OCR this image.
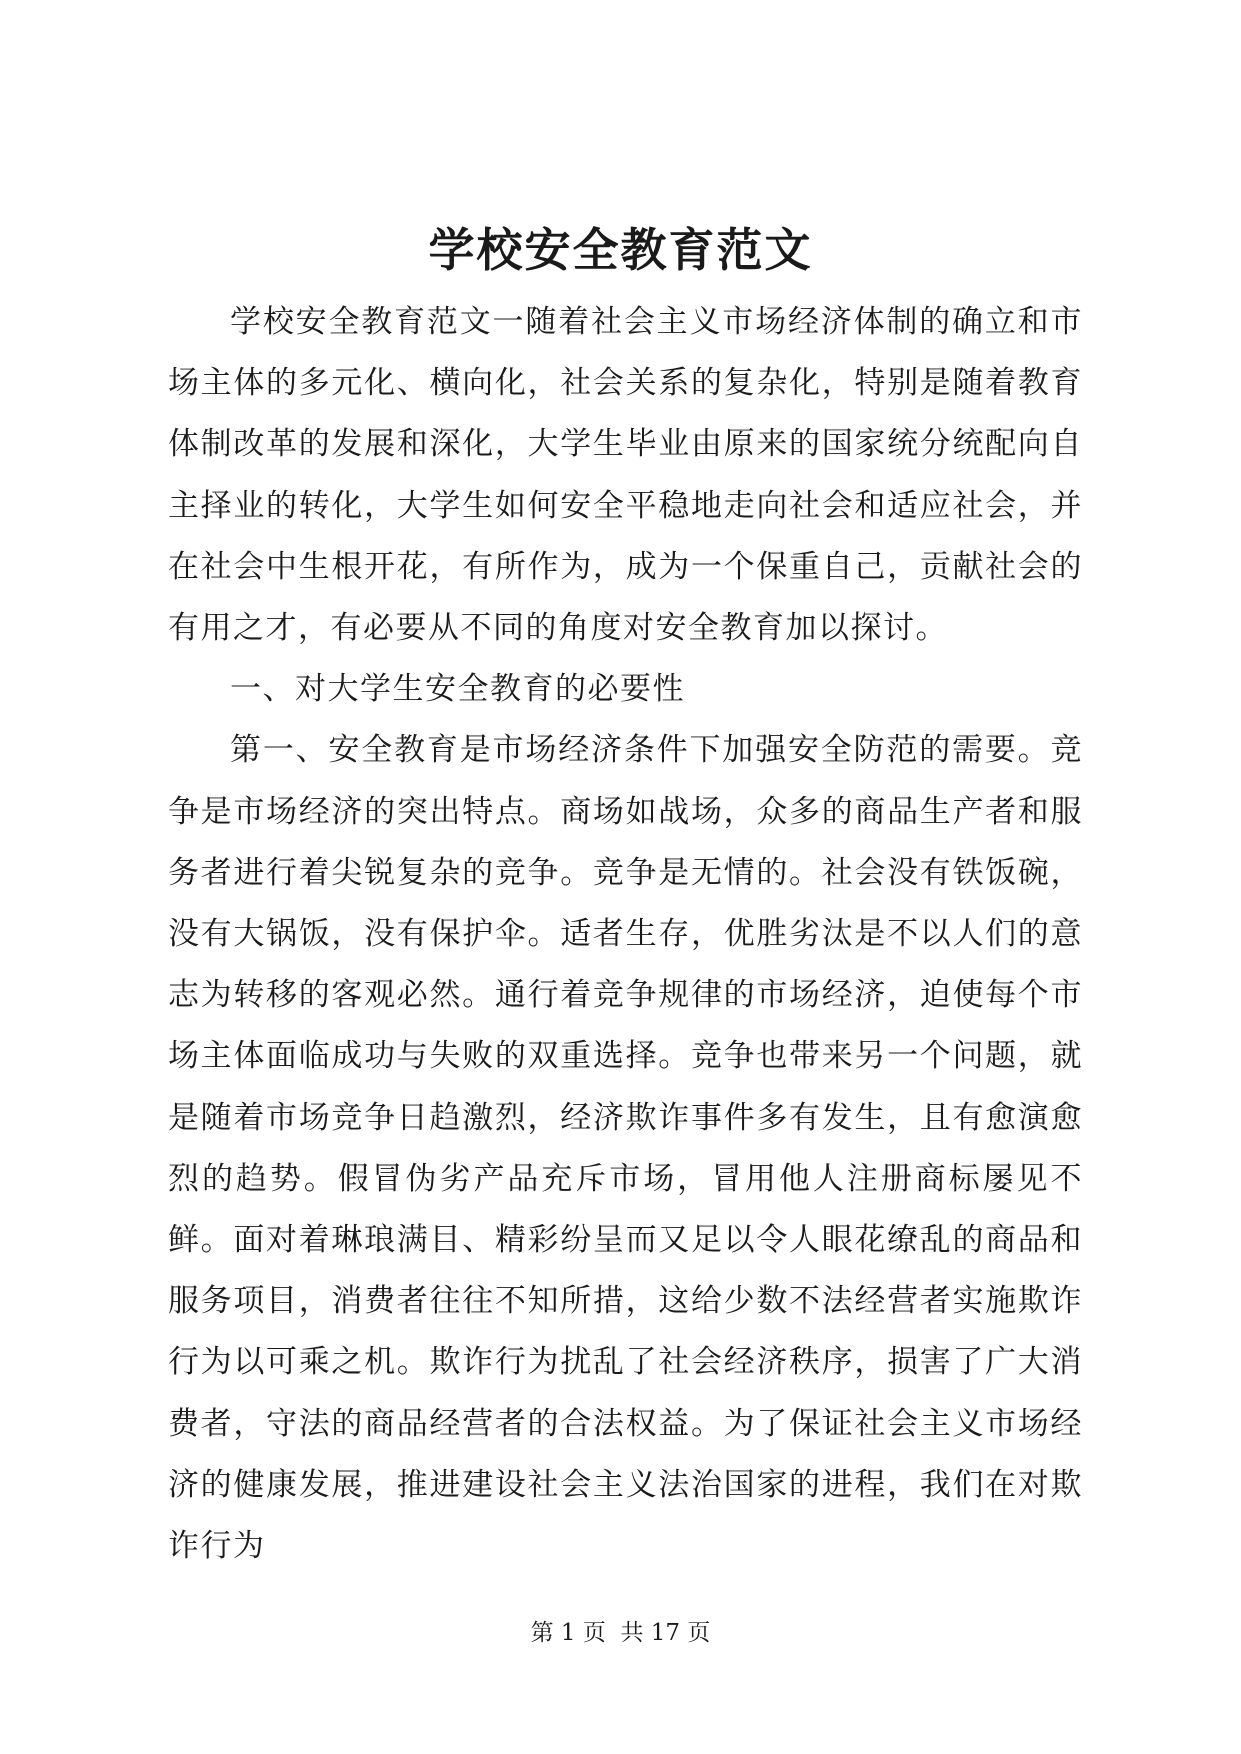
学校安全教育范文

学校安全教育范文一随着社会主义市场经济体制的确立和市场主体的多元化、横向化，社会关系的复杂化，特别是随着教育体制改革的发展和深化，大学生毕业由原来的国家统分统配向自主择业的转化，大学生如何安全平稳地走向社会和适应社会，并在社会中生根开花，有所作为，成为一个保重自己，贡献社会的有用之才，有必要从不同的角度对安全教育加以探讨。

一、对大学生安全教育的必要性

第一、安全教育是市场经济条件下加强安全防范的需要。竞争是市场经济的突出特点。商场如战场，众多的商品生产者和服务者进行着尖锐复杂的竞争。竞争是无情的。社会没有铁饭碗，没有大锅饭，没有保护伞。适者生存，优胜劣汰是不以人们的意志为转移的客观必然。通行着竞争规律的市场经济，迫使每个市场主体面临成功与失败的双重选择。竞争也带来另一个问题，就是随着市场竞争日趋激烈，经济欺诈事件多有发生，且有愈演愈烈的趋势。假冒伪劣产品充斥市场，冒用他人注册商标屡见不鲜。面对着琳琅满目、精彩纷呈而又足以令人眼花缭乱的商品和服务项目，消费者往往不知所措，这给少数不法经营者实施欺诈行为以可乘之机。欺诈行为扰乱了社会经济秩序，损害了广大消费者，守法的商品经营者的合法权益。为了保证社会主义市场经济的健康发展，推进建设社会主义法治国家的进程，我们在对欺诈行为

第 1 页  共 17 页
